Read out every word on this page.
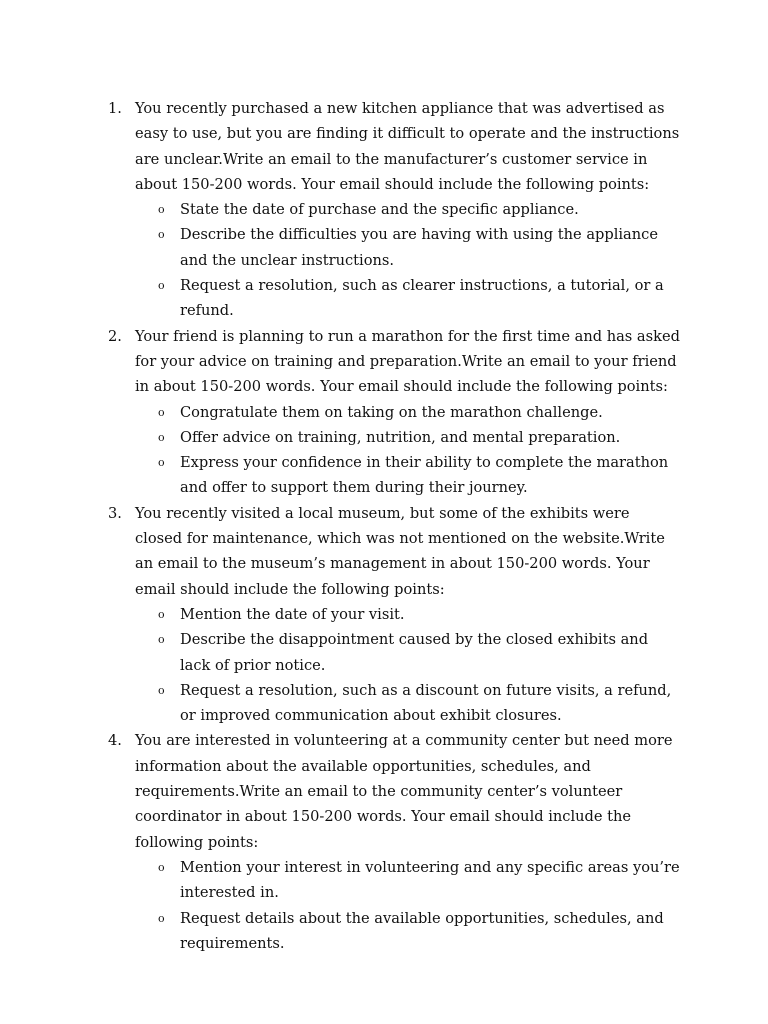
1. You recently purchased a new kitchen appliance that was advertised as easy to use, but you are finding it difficult to operate and the instructions are unclear.Write an email to the manufacturer’s customer service in about 150-200 words. Your email should include the following points:

o State the date of purchase and the specific appliance.
o Describe the difficulties you are having with using the appliance and the unclear instructions.
o Request a resolution, such as clearer instructions, a tutorial, or a refund.
2. Your friend is planning to run a marathon for the first time and has asked for your advice on training and preparation.Write an email to your friend in about 150-200 words. Your email should include the following points:

o Congratulate them on taking on the marathon challenge.
o Offer advice on training, nutrition, and mental preparation.
o Express your confidence in their ability to complete the marathon and offer to support them during their journey.
3. You recently visited a local museum, but some of the exhibits were closed for maintenance, which was not mentioned on the website.Write an email to the museum’s management in about 150-200 words. Your email should include the following points:

o Mention the date of your visit.
o Describe the disappointment caused by the closed exhibits and lack of prior notice.
o Request a resolution, such as a discount on future visits, a refund, or improved communication about exhibit closures.
4. You are interested in volunteering at a community center but need more information about the available opportunities, schedules, and requirements.Write an email to the community center’s volunteer coordinator in about 150-200 words. Your email should include the following points:

o Mention your interest in volunteering and any specific areas you’re interested in.
o Request details about the available opportunities, schedules, and requirements.
